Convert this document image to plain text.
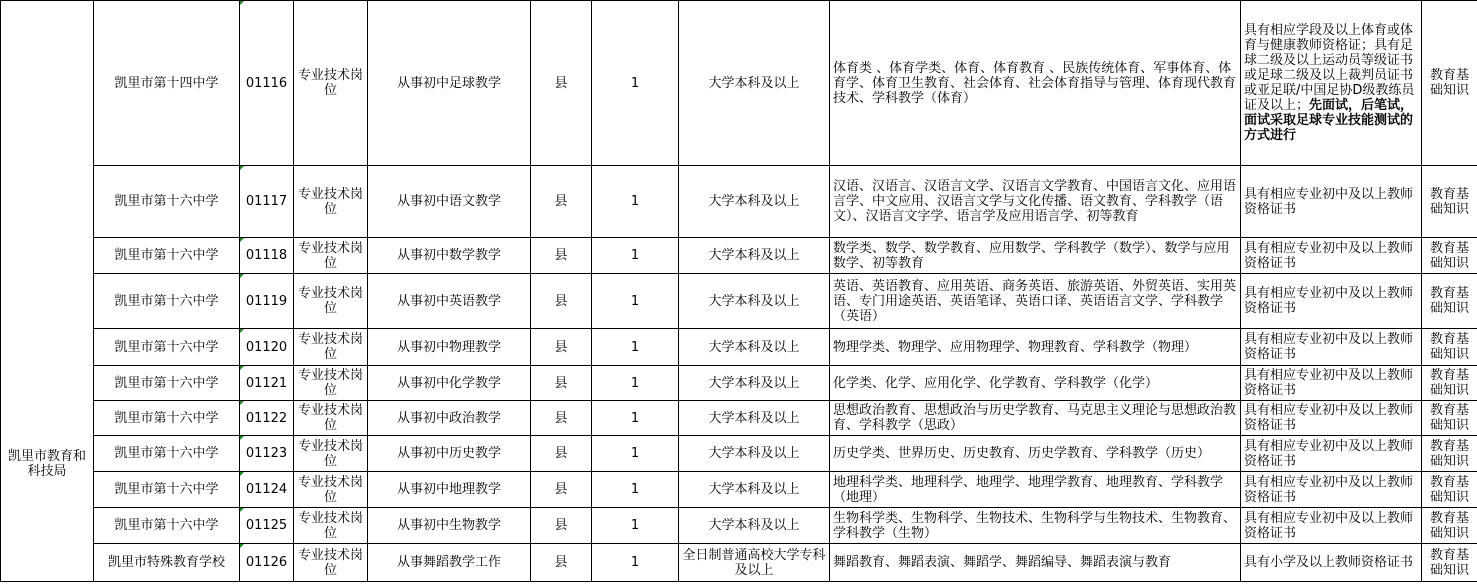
凯里市教育和科技局	凯里市第十四中学	01116	专业技术岗位	从事初中足球教学	县	1	大学本科及以上	体育类 、体育学类、体育、体育教育 、民族传统体育、军事体育、体育学、体育卫生教育、社会体育、社会体育指导与管理、体育现代教育技术、学科教学（体育）	具有相应学段及以上体育或体育与健康教师资格证；具有足球二级及以上运动员等级证书或足球二级及以上裁判员证书或亚足联/中国足协D级教练员证及以上；先面试，后笔试，面试采取足球专业技能测试的方式进行	教育基础知识
	凯里市第十六中学	01117	专业技术岗位	从事初中语文教学	县	1	大学本科及以上	汉语、汉语言、汉语言文学、汉语言文学教育、中国语言文化、应用语言学、中文应用、汉语言文学与文化传播、语文教育、学科教学（语文）、汉语言文字学、语言学及应用语言学、初等教育	具有相应专业初中及以上教师资格证书	教育基础知识
	凯里市第十六中学	01118	专业技术岗位	从事初中数学教学	县	1	大学本科及以上	数学类、数学、数学教育、应用数学、学科教学（数学）、数学与应用数学、初等教育	具有相应专业初中及以上教师资格证书	教育基础知识
	凯里市第十六中学	01119	专业技术岗位	从事初中英语教学	县	1	大学本科及以上	英语、英语教育、应用英语、商务英语、旅游英语、外贸英语、实用英语、专门用途英语、英语笔译、英语口译、英语语言文学、学科教学（英语）	具有相应专业初中及以上教师资格证书	教育基础知识
	凯里市第十六中学	01120	专业技术岗位	从事初中物理教学	县	1	大学本科及以上	物理学类、物理学、应用物理学、物理教育、学科教学（物理）	具有相应专业初中及以上教师资格证书	教育基础知识
	凯里市第十六中学	01121	专业技术岗位	从事初中化学教学	县	1	大学本科及以上	化学类、化学、应用化学、化学教育、学科教学（化学）	具有相应专业初中及以上教师资格证书	教育基础知识
	凯里市第十六中学	01122	专业技术岗位	从事初中政治教学	县	1	大学本科及以上	思想政治教育、思想政治与历史学教育、马克思主义理论与思想政治教育、学科教学（思政）	具有相应专业初中及以上教师资格证书	教育基础知识
	凯里市第十六中学	01123	专业技术岗位	从事初中历史教学	县	1	大学本科及以上	历史学类、世界历史、历史教育、历史学教育、学科教学（历史）	具有相应专业初中及以上教师资格证书	教育基础知识
	凯里市第十六中学	01124	专业技术岗位	从事初中地理教学	县	1	大学本科及以上	地理科学类、地理科学、地理学、地理学教育、地理教育、学科教学（地理）	具有相应专业初中及以上教师资格证书	教育基础知识
	凯里市第十六中学	01125	专业技术岗位	从事初中生物教学	县	1	大学本科及以上	生物科学类、生物科学、生物技术、生物科学与生物技术、生物教育、学科教学（生物）	具有相应专业初中及以上教师资格证书	教育基础知识
	凯里市特殊教育学校	01126	专业技术岗位	从事舞蹈教学工作	县	1	全日制普通高校大学专科及以上	舞蹈教育、舞蹈表演、舞蹈学、舞蹈编导、舞蹈表演与教育	具有小学及以上教师资格证书	教育基础知识
